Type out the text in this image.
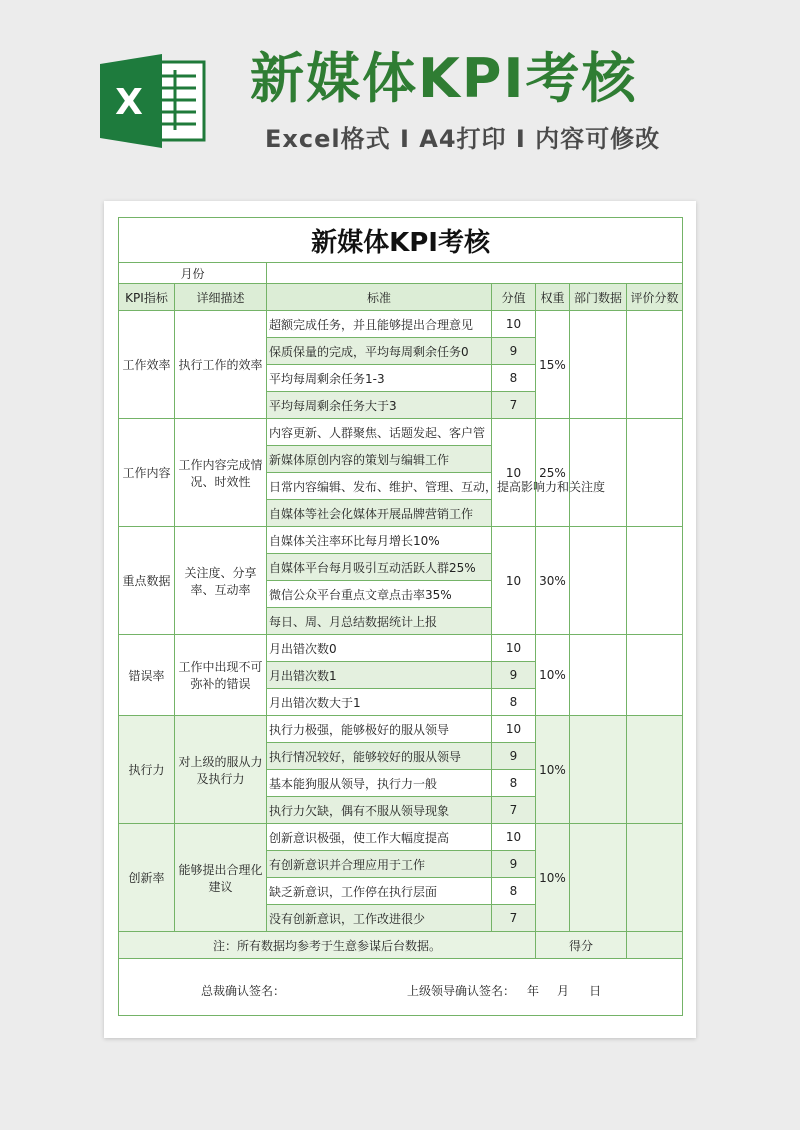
X 新媒体KPI考核
Excel格式 I A4打印 I 内容可修改
新媒体KPI考核						
月份						
KPI指标	详细描述	标准	分值	权重	部门数据	评价分数
工作效率	执行工作的效率	超额完成任务，并且能够提出合理意见	10	15%		
		保质保量的完成，平均每周剩余任务0	9			
		平均每周剩余任务1-3	8			
		平均每周剩余任务大于3	7			
工作内容	工作内容完成情况、时效性	内容更新、人群聚焦、话题发起、客户管	10	25%		
		新媒体原创内容的策划与编辑工作				
		日常内容编辑、发布、维护、管理、互动，提高影响力和关注度				
		自媒体等社会化媒体开展品牌营销工作				
重点数据	关注度、分享率、互动率	自媒体关注率环比每月增长10%	10	30%		
		自媒体平台每月吸引互动活跃人群25%				
		微信公众平台重点文章点击率35%				
		每日、周、月总结数据统计上报				
错误率	工作中出现不可弥补的错误	月出错次数0	10	10%		
		月出错次数1	9			
		月出错次数大于1	8			
执行力	对上级的服从力及执行力	执行力极强，能够极好的服从领导	10	10%		
		执行情况较好，能够较好的服从领导	9			
		基本能狗服从领导，执行力一般	8			
		执行力欠缺，偶有不服从领导现象	7			
创新率	能够提出合理化建议	创新意识极强，使工作大幅度提高	10	10%		
		有创新意识并合理应用于工作	9			
		缺乏新意识，工作停在执行层面	8			
		没有创新意识，工作改进很少	7			
注：所有数据均参考于生意参谋后台数据。				得分		

总裁确认签名： 上级领导确认签名： 年 月 日						
